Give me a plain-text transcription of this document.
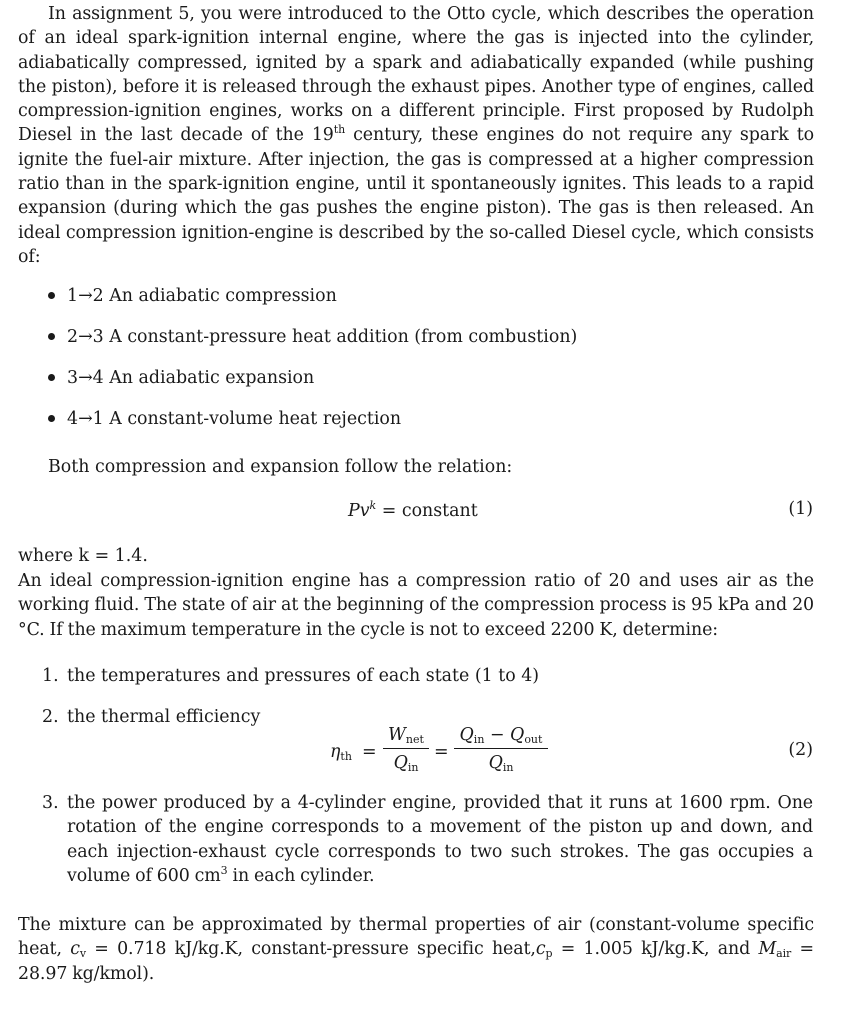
In assignment 5, you were introduced to the Otto cycle, which describes the operation of an ideal spark-ignition internal engine, where the gas is injected into the cylinder, adiabatically compressed, ignited by a spark and adiabatically expanded (while pushing the piston), before it is released through the exhaust pipes. Another type of engines, called compression-ignition engines, works on a different principle. First proposed by Rudolph Diesel in the last decade of the 19th century, these engines do not require any spark to ignite the fuel-air mixture. After injection, the gas is compressed at a higher compression ratio than in the spark-ignition engine, until it spontaneously ignites. This leads to a rapid expansion (during which the gas pushes the engine piston). The gas is then released. An ideal compression ignition-engine is described by the so-called Diesel cycle, which consists of:

1→2 An adiabatic compression
2→3 A constant-pressure heat addition (from combustion)
3→4 An adiabatic expansion
4→1 A constant-volume heat rejection
Both compression and expansion follow the relation:
$Pv^k$ = constant	(1)
where k = 1.4.

An ideal compression-ignition engine has a compression ratio of 20 and uses air as the working fluid. The state of air at the beginning of the compression process is 95 kPa and 20 °C. If the maximum temperature in the cycle is not to exceed 2200 K, determine:

1. the temperatures and pressures of each state (1 to 4)
2. the thermal efficiency
$\eta_{th}$ =
$W_{net}$
$Q_{in}$
=
$Q_{in} - Q_{out}$
$Q_{in}$
(2)
3. the power produced by a 4-cylinder engine, provided that it runs at 1600 rpm. One rotation of the engine corresponds to a movement of the piston up and down, and each injection-exhaust cycle corresponds to two such strokes. The gas occupies a volume of 600 $cm^3$ in each cylinder.

The mixture can be approximated by thermal properties of air (constant-volume specific heat, $c_v = 0.718$ kJ/kg.K, constant-pressure specific $heat,c_p = 1.005$ kJ/kg.K, and $M_{air} = 28.97$ kg/kmol).
